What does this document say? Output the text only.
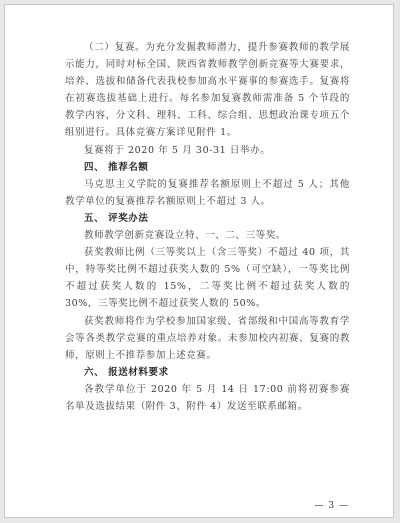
（二）复赛。为充分发掘教师潜力，提升参赛教师的教学展示能力，同时对标全国、陕西省教师教学创新竞赛等大赛要求，培养、选拔和储备代表我校参加高水平赛事的参赛选手。复赛将在初赛选拔基础上进行。每名参加复赛教师需准备 5 个节段的教学内容，分文科、理科、工科、综合组、思想政治课专项五个组别进行。具体竞赛方案详见附件 1。

复赛将于 2020 年 5 月 30-31 日举办。

四、 推荐名额

马克思主义学院的复赛推荐名额原则上不超过 5 人；其他教学单位的复赛推荐名额原则上不超过 3 人。

五、 评奖办法

教师教学创新竞赛设立特、一、二、三等奖。

获奖教师比例（三等奖以上（含三等奖）不超过 40 项，其中，特等奖比例不超过获奖人数的 5%（可空缺），一等奖比例不超过获奖人数的 15%，二等奖比例不超过获奖人数的 30%，三等奖比例不超过获奖人数的 50%。

获奖教师将作为学校参加国家级、省部级和中国高等教育学会等各类教学竞赛的重点培养对象。未参加校内初赛、复赛的教师，原则上不推荐参加上述竞赛。

六、 报送材料要求

各教学单位于 2020 年 5 月 14 日 17:00 前将初赛参赛名单及选拔结果（附件 3、附件 4）发送至联系邮箱。

— 3 —
